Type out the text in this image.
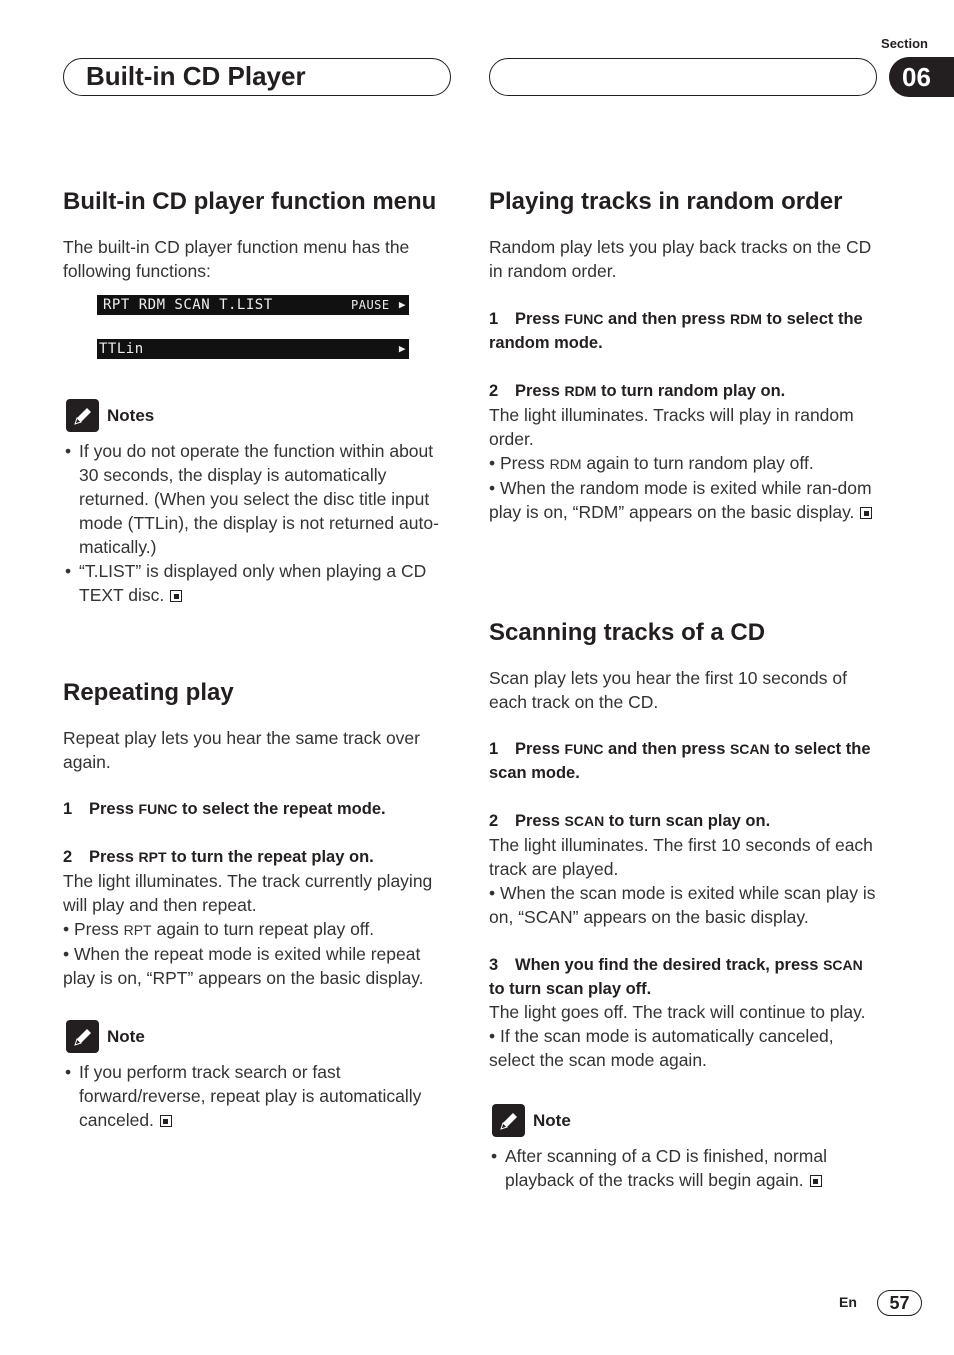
Section
Built-in CD Player	06
Built-in CD player function menu

The built-in CD player function menu has the following functions:

RPT RDM SCAN T.LIST	PAUSE ▶
TTLin	▶
Notes
• If you do not operate the function within about 30 seconds, the display is automatically returned. (When you select the disc title input mode (TTLin), the display is not returned auto-matically.)
• “T.LIST” is displayed only when playing a CD TEXT disc.
Repeating play

Repeat play lets you hear the same track over again.

1 Press FUNC to select the repeat mode.
2 Press RPT to turn the repeat play on.
The light illuminates. The track currently playing will play and then repeat.
• Press RPT again to turn repeat play off.
• When the repeat mode is exited while repeat play is on, “RPT” appears on the basic display.
Note
• If you perform track search or fast forward/reverse, repeat play is automatically canceled.
Playing tracks in random order

Random play lets you play back tracks on the CD in random order.

1 Press FUNC and then press RDM to select the random mode.
2 Press RDM to turn random play on.
The light illuminates. Tracks will play in random order.
• Press RDM again to turn random play off.
• When the random mode is exited while ran-dom play is on, “RDM” appears on the basic display.
Scanning tracks of a CD

Scan play lets you hear the first 10 seconds of each track on the CD.

1 Press FUNC and then press SCAN to select the scan mode.
2 Press SCAN to turn scan play on.
The light illuminates. The first 10 seconds of each track are played.
• When the scan mode is exited while scan play is on, “SCAN” appears on the basic display.
3 When you find the desired track, press SCAN to turn scan play off.
The light goes off. The track will continue to play.
• If the scan mode is automatically canceled, select the scan mode again.
Note
• After scanning of a CD is finished, normal playback of the tracks will begin again.
En	57
